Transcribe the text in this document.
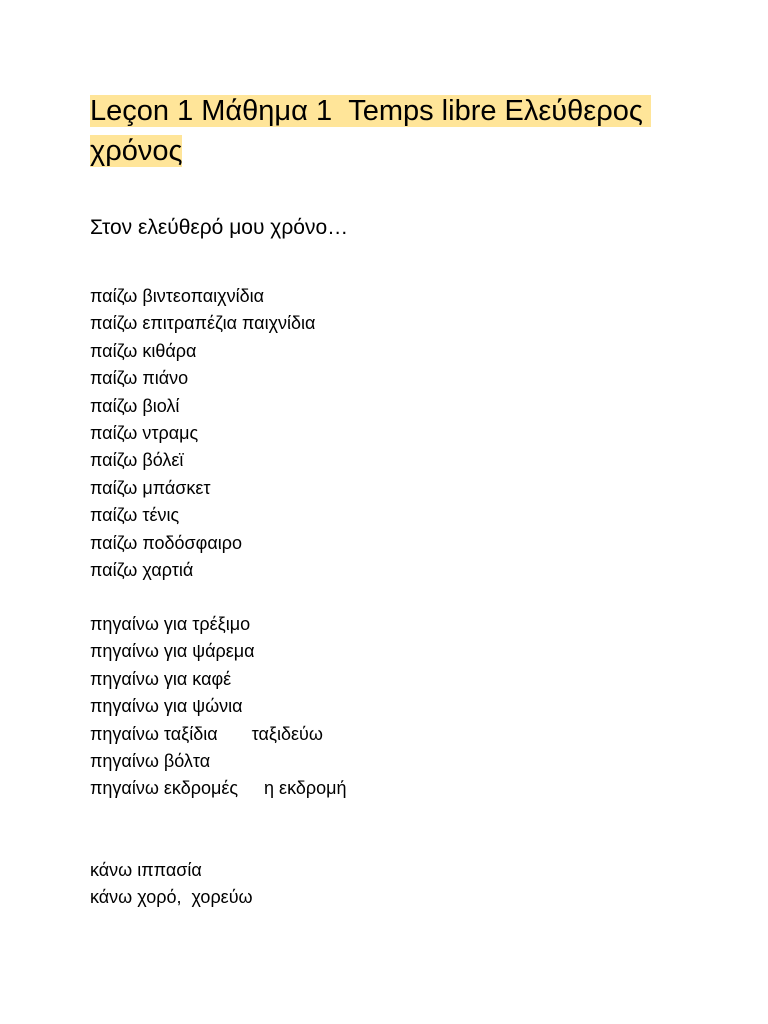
Leçon 1 Μάθημα 1  Temps libre Ελεύθερος χρόνος
Στον ελεύθερό μου χρόνο…
παίζω βιντεοπαιχνίδια
παίζω επιτραπέζια παιχνίδια
παίζω κιθάρα
παίζω πιάνο
παίζω βιολί
παίζω ντραμς
παίζω βόλεϊ
παίζω μπάσκετ
παίζω τένις
παίζω ποδόσφαιρο
παίζω χαρτιά
πηγαίνω για τρέξιμο
πηγαίνω για ψάρεμα
πηγαίνω για καφέ
πηγαίνω για ψώνια
πηγαίνω ταξίδια ταξιδεύω
πηγαίνω βόλτα
πηγαίνω εκδρομές η εκδρομή
κάνω ιππασία
κάνω χορό,  χορεύω
